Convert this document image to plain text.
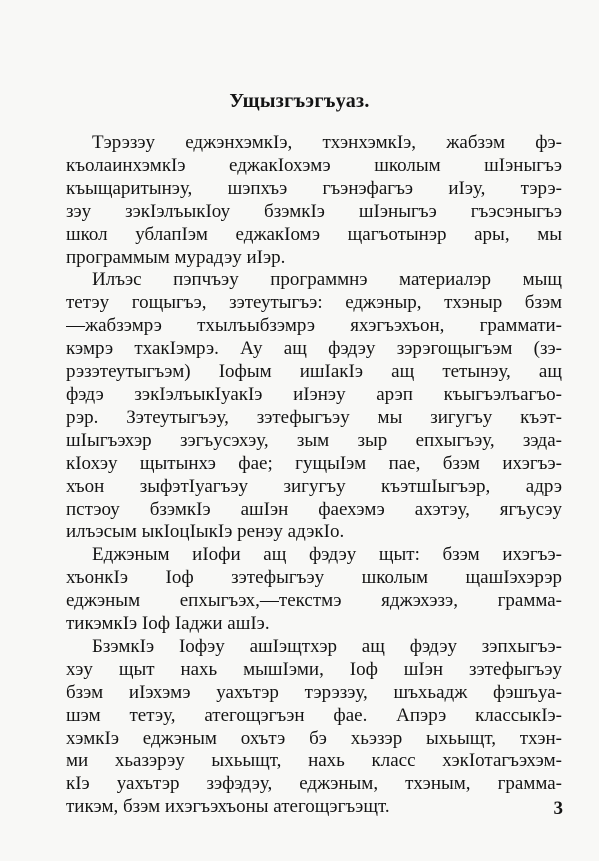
Ущызгъэгъуаз.
Тэрэзэу еджэнхэмкIэ, тхэнхэмкIэ, жабзэм фэ-
къолаинхэмкIэ еджакIохэмэ школым шIэныгъэ
къыщаритынэу, шэпхъэ гъэнэфагъэ иIэу, тэрэ-
зэу зэкIэлъыкIоу бзэмкIэ шIэныгъэ гъэсэныгъэ
школ ублапIэм еджакIомэ щагъотынэр ары, мы
программым мурадэу иIэр.
Илъэс пэпчъэу программнэ материалэр мыщ
тетэу гощыгъэ, зэтеутыгъэ: еджэныр, тхэныр бзэм
—жабзэмрэ тхылъыбзэмрэ яхэгъэхъон, граммати-
кэмрэ тхакIэмрэ. Ау ащ фэдэу зэрэгощыгъэм (зэ-
рэзэтеутыгъэм) Iофым ишIакIэ ащ тетынэу, ащ
фэдэ зэкIэлъыкIуакIэ иIэнэу арэп къыгъэлъагъо-
рэр. Зэтеутыгъэу, зэтефыгъэу мы зигугъу къэт-
шIыгъэхэр зэгъусэхэу, зым зыр епхыгъэу, зэда-
кIохэу щытынхэ фае; гущыIэм пае, бзэм ихэгъэ-
хъон зыфэтIуагъэу зигугъу къэтшIыгъэр, адрэ
пстэоу бзэмкIэ ашIэн фаехэмэ ахэтэу, ягъусэу
илъэсым ыкIоцIыкIэ ренэу адэкIо.
Еджэным иIофи ащ фэдэу щыт: бзэм ихэгъэ-
хъонкIэ Iоф зэтефыгъэу школым щашIэхэрэр
еджэным епхыгъэх,—текстмэ яджэхэзэ, грамма-
тикэмкIэ Iоф Iаджи ашIэ.
БзэмкIэ Iофэу ашIэщтхэр ащ фэдэу зэпхыгъэ-
хэу щыт нахь мышIэми, Iоф шIэн зэтефыгъэу
бзэм иIэхэмэ уахътэр тэрэзэу, шъхьадж фэшъуа-
шэм тетэу, атегощэгъэн фае. Апэрэ классыкIэ-
хэмкIэ еджэным охътэ бэ хьэзэр ыхьыщт, тхэн-
ми хьазэрэу ыхьыщт, нахь класс хэкIотагъэхэм-
кIэ уахътэр зэфэдэу, еджэным, тхэным, грамма-
тикэм, бзэм ихэгъэхъоны атегощэгъэщт.	3
